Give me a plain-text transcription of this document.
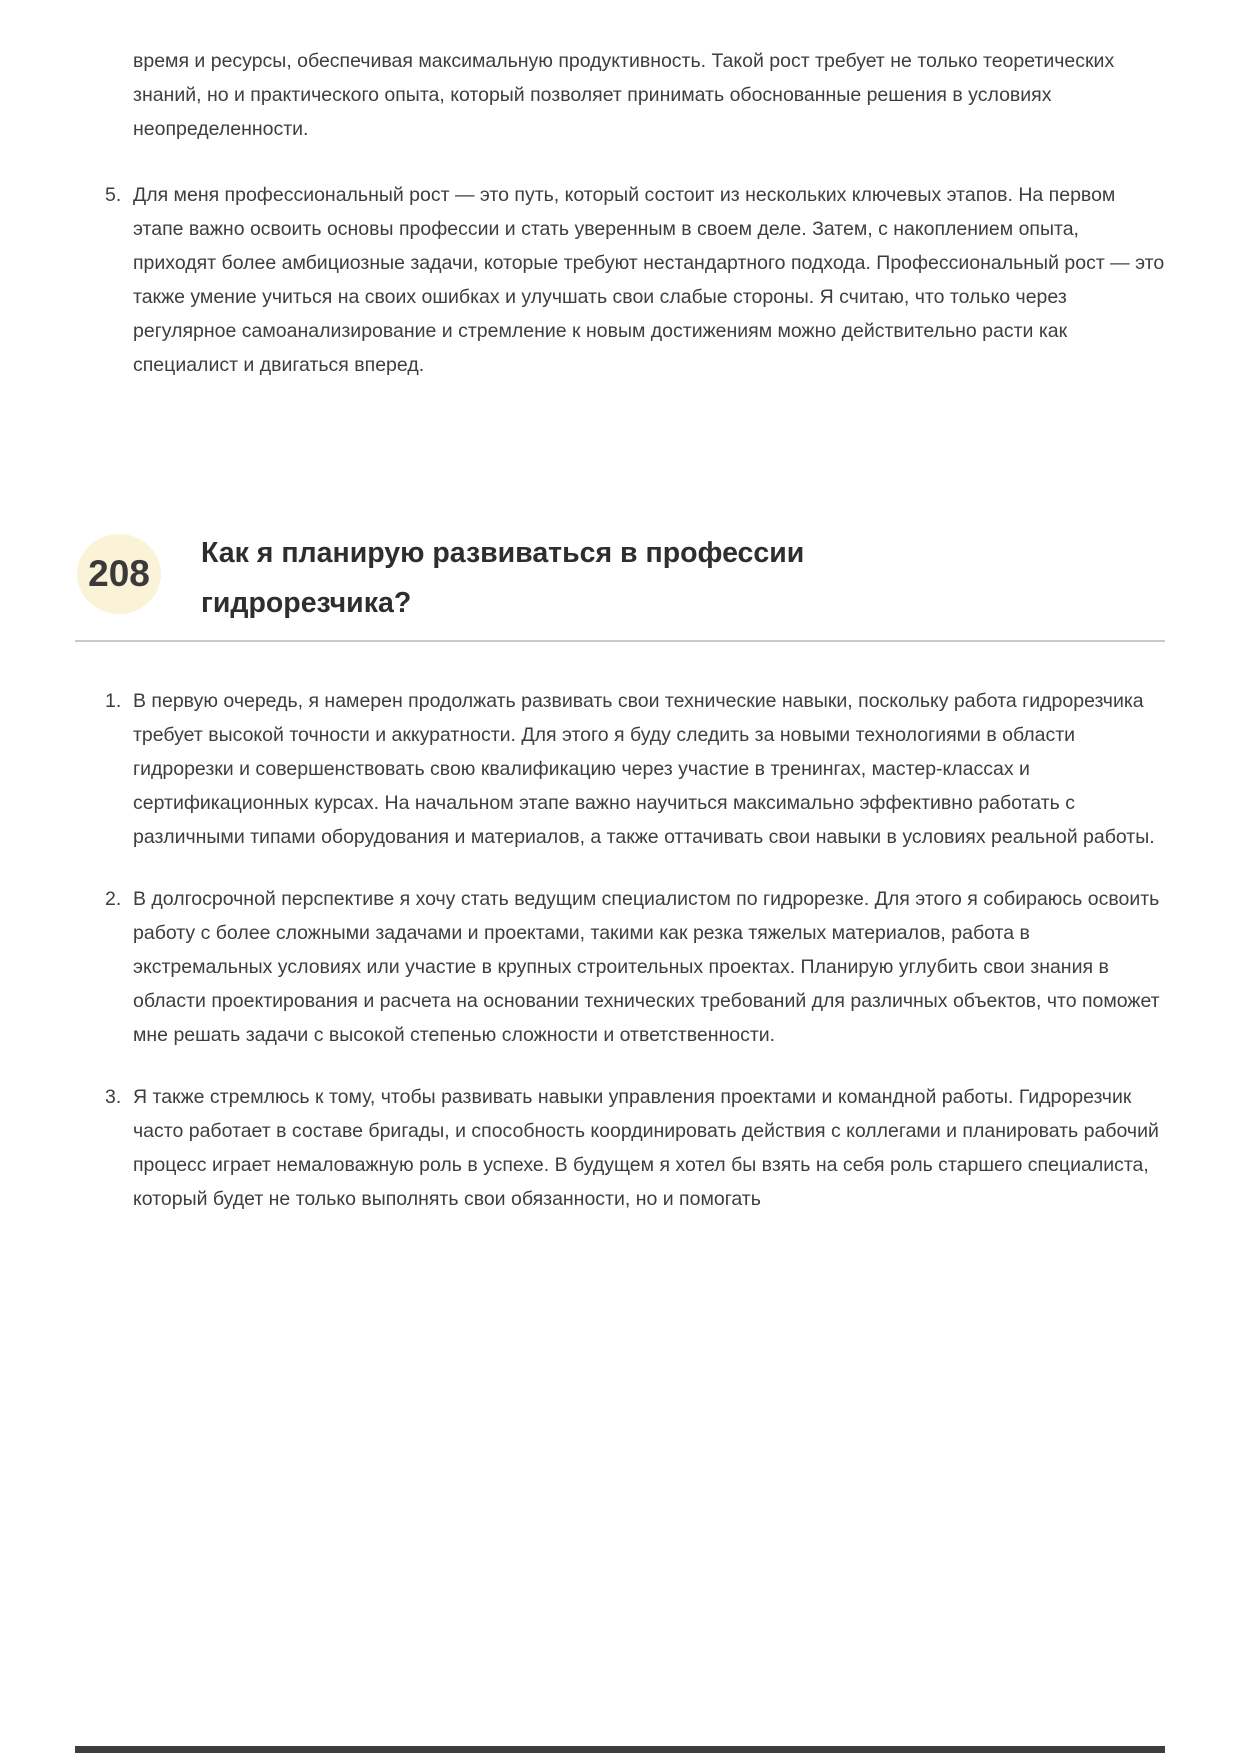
время и ресурсы, обеспечивая максимальную продуктивность. Такой рост требует не только теоретических знаний, но и практического опыта, который позволяет принимать обоснованные решения в условиях неопределенности.

5. Для меня профессиональный рост — это путь, который состоит из нескольких ключевых этапов. На первом этапе важно освоить основы профессии и стать уверенным в своем деле. Затем, с накоплением опыта, приходят более амбициозные задачи, которые требуют нестандартного подхода. Профессиональный рост — это также умение учиться на своих ошибках и улучшать свои слабые стороны. Я считаю, что только через регулярное самоанализирование и стремление к новым достижениям можно действительно расти как специалист и двигаться вперед.
208	Как я планирую развиваться в профессии гидрорезчика?
1. В первую очередь, я намерен продолжать развивать свои технические навыки, поскольку работа гидрорезчика требует высокой точности и аккуратности. Для этого я буду следить за новыми технологиями в области гидрорезки и совершенствовать свою квалификацию через участие в тренингах, мастер-классах и сертификационных курсах. На начальном этапе важно научиться максимально эффективно работать с различными типами оборудования и материалов, а также оттачивать свои навыки в условиях реальной работы.
2. В долгосрочной перспективе я хочу стать ведущим специалистом по гидрорезке. Для этого я собираюсь освоить работу с более сложными задачами и проектами, такими как резка тяжелых материалов, работа в экстремальных условиях или участие в крупных строительных проектах. Планирую углубить свои знания в области проектирования и расчета на основании технических требований для различных объектов, что поможет мне решать задачи с высокой степенью сложности и ответственности.
3. Я также стремлюсь к тому, чтобы развивать навыки управления проектами и командной работы. Гидрорезчик часто работает в составе бригады, и способность координировать действия с коллегами и планировать рабочий процесс играет немаловажную роль в успехе. В будущем я хотел бы взять на себя роль старшего специалиста, который будет не только выполнять свои обязанности, но и помогать
